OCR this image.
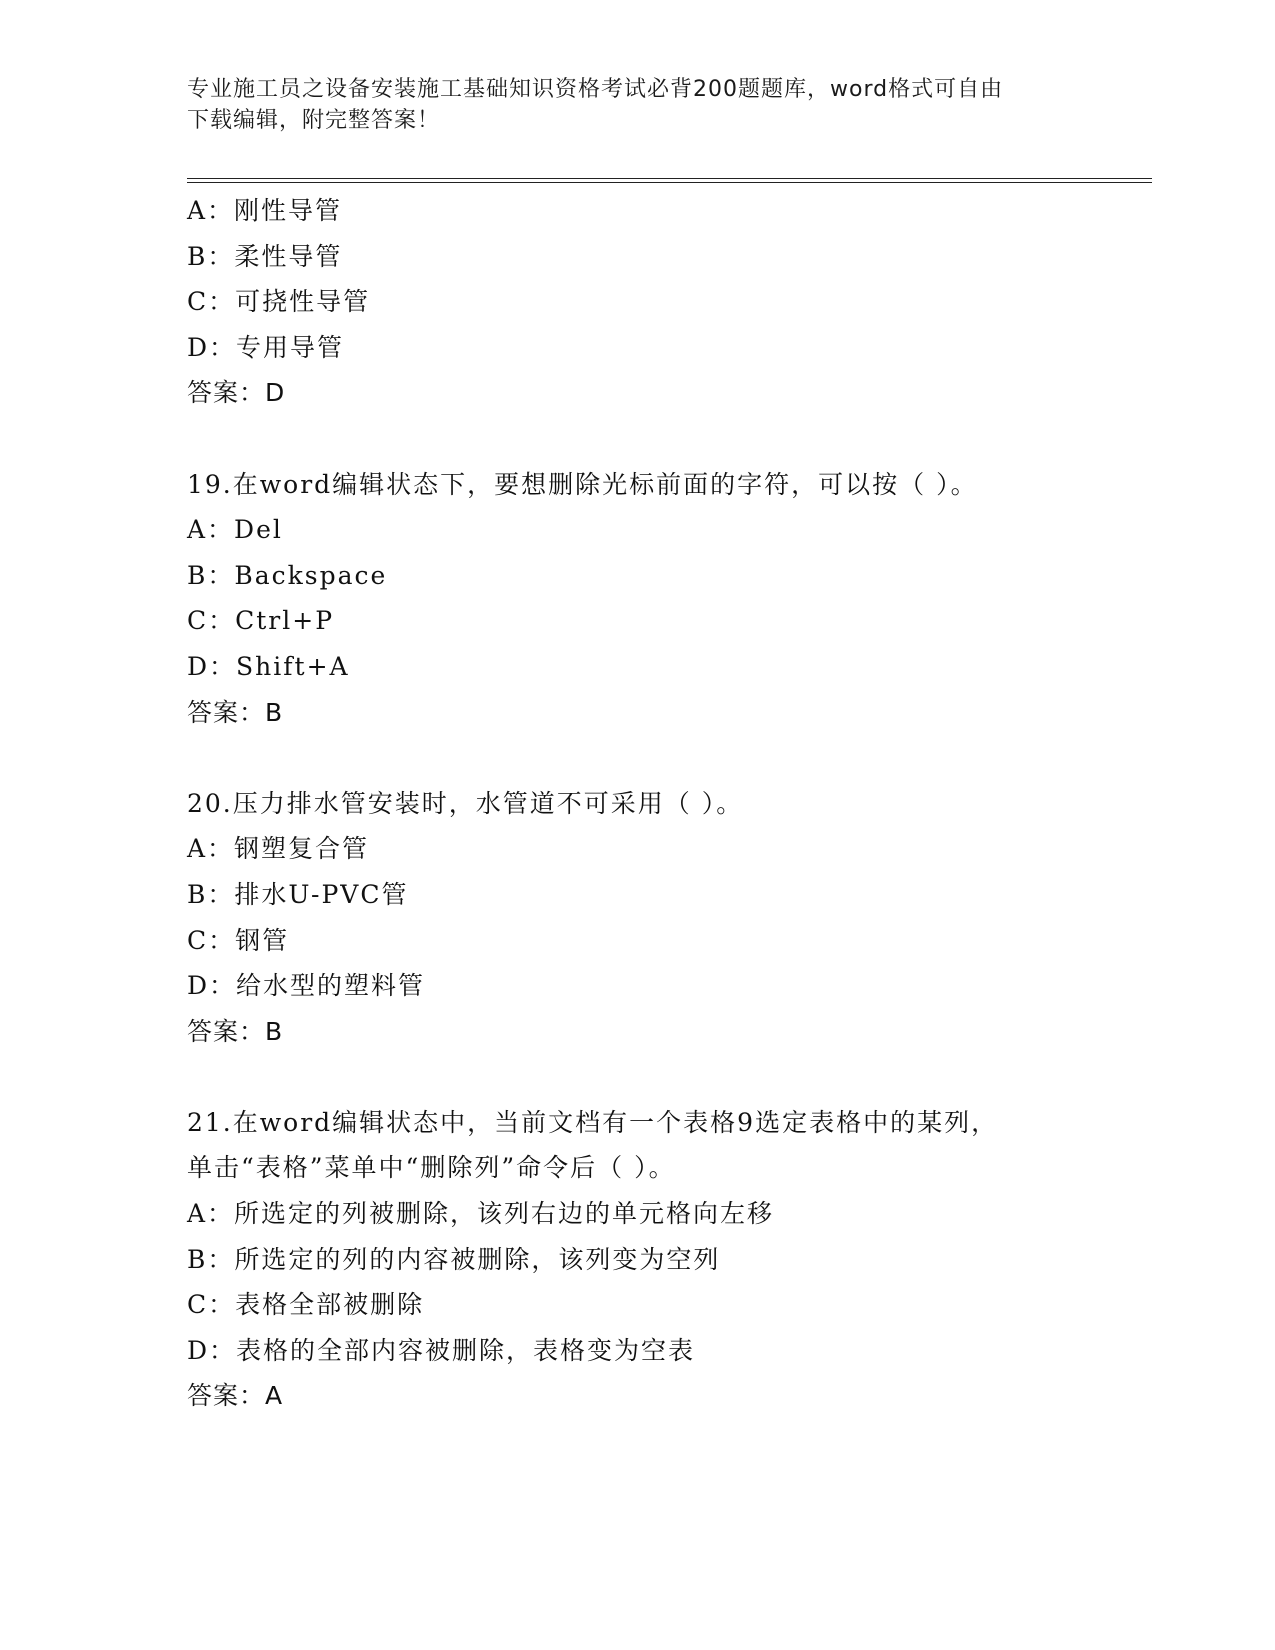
专业施工员之设备安装施工基础知识资格考试必背200题题库，word格式可自由
下载编辑，附完整答案！
A：刚性导管
B：柔性导管
C：可挠性导管
D：专用导管
答案：D
19.在word编辑状态下，要想删除光标前面的字符，可以按（ ）。
A：Del
B：Backspace
C：Ctrl+P
D：Shift+A
答案：B
20.压力排水管安装时，水管道不可采用（ ）。
A：钢塑复合管
B：排水U-PVC管
C：钢管
D：给水型的塑料管
答案：B
21.在word编辑状态中，当前文档有一个表格9选定表格中的某列，
单击“表格”菜单中“删除列”命令后（ ）。
A：所选定的列被删除，该列右边的单元格向左移
B：所选定的列的内容被删除，该列变为空列
C：表格全部被删除
D：表格的全部内容被删除，表格变为空表
答案：A
